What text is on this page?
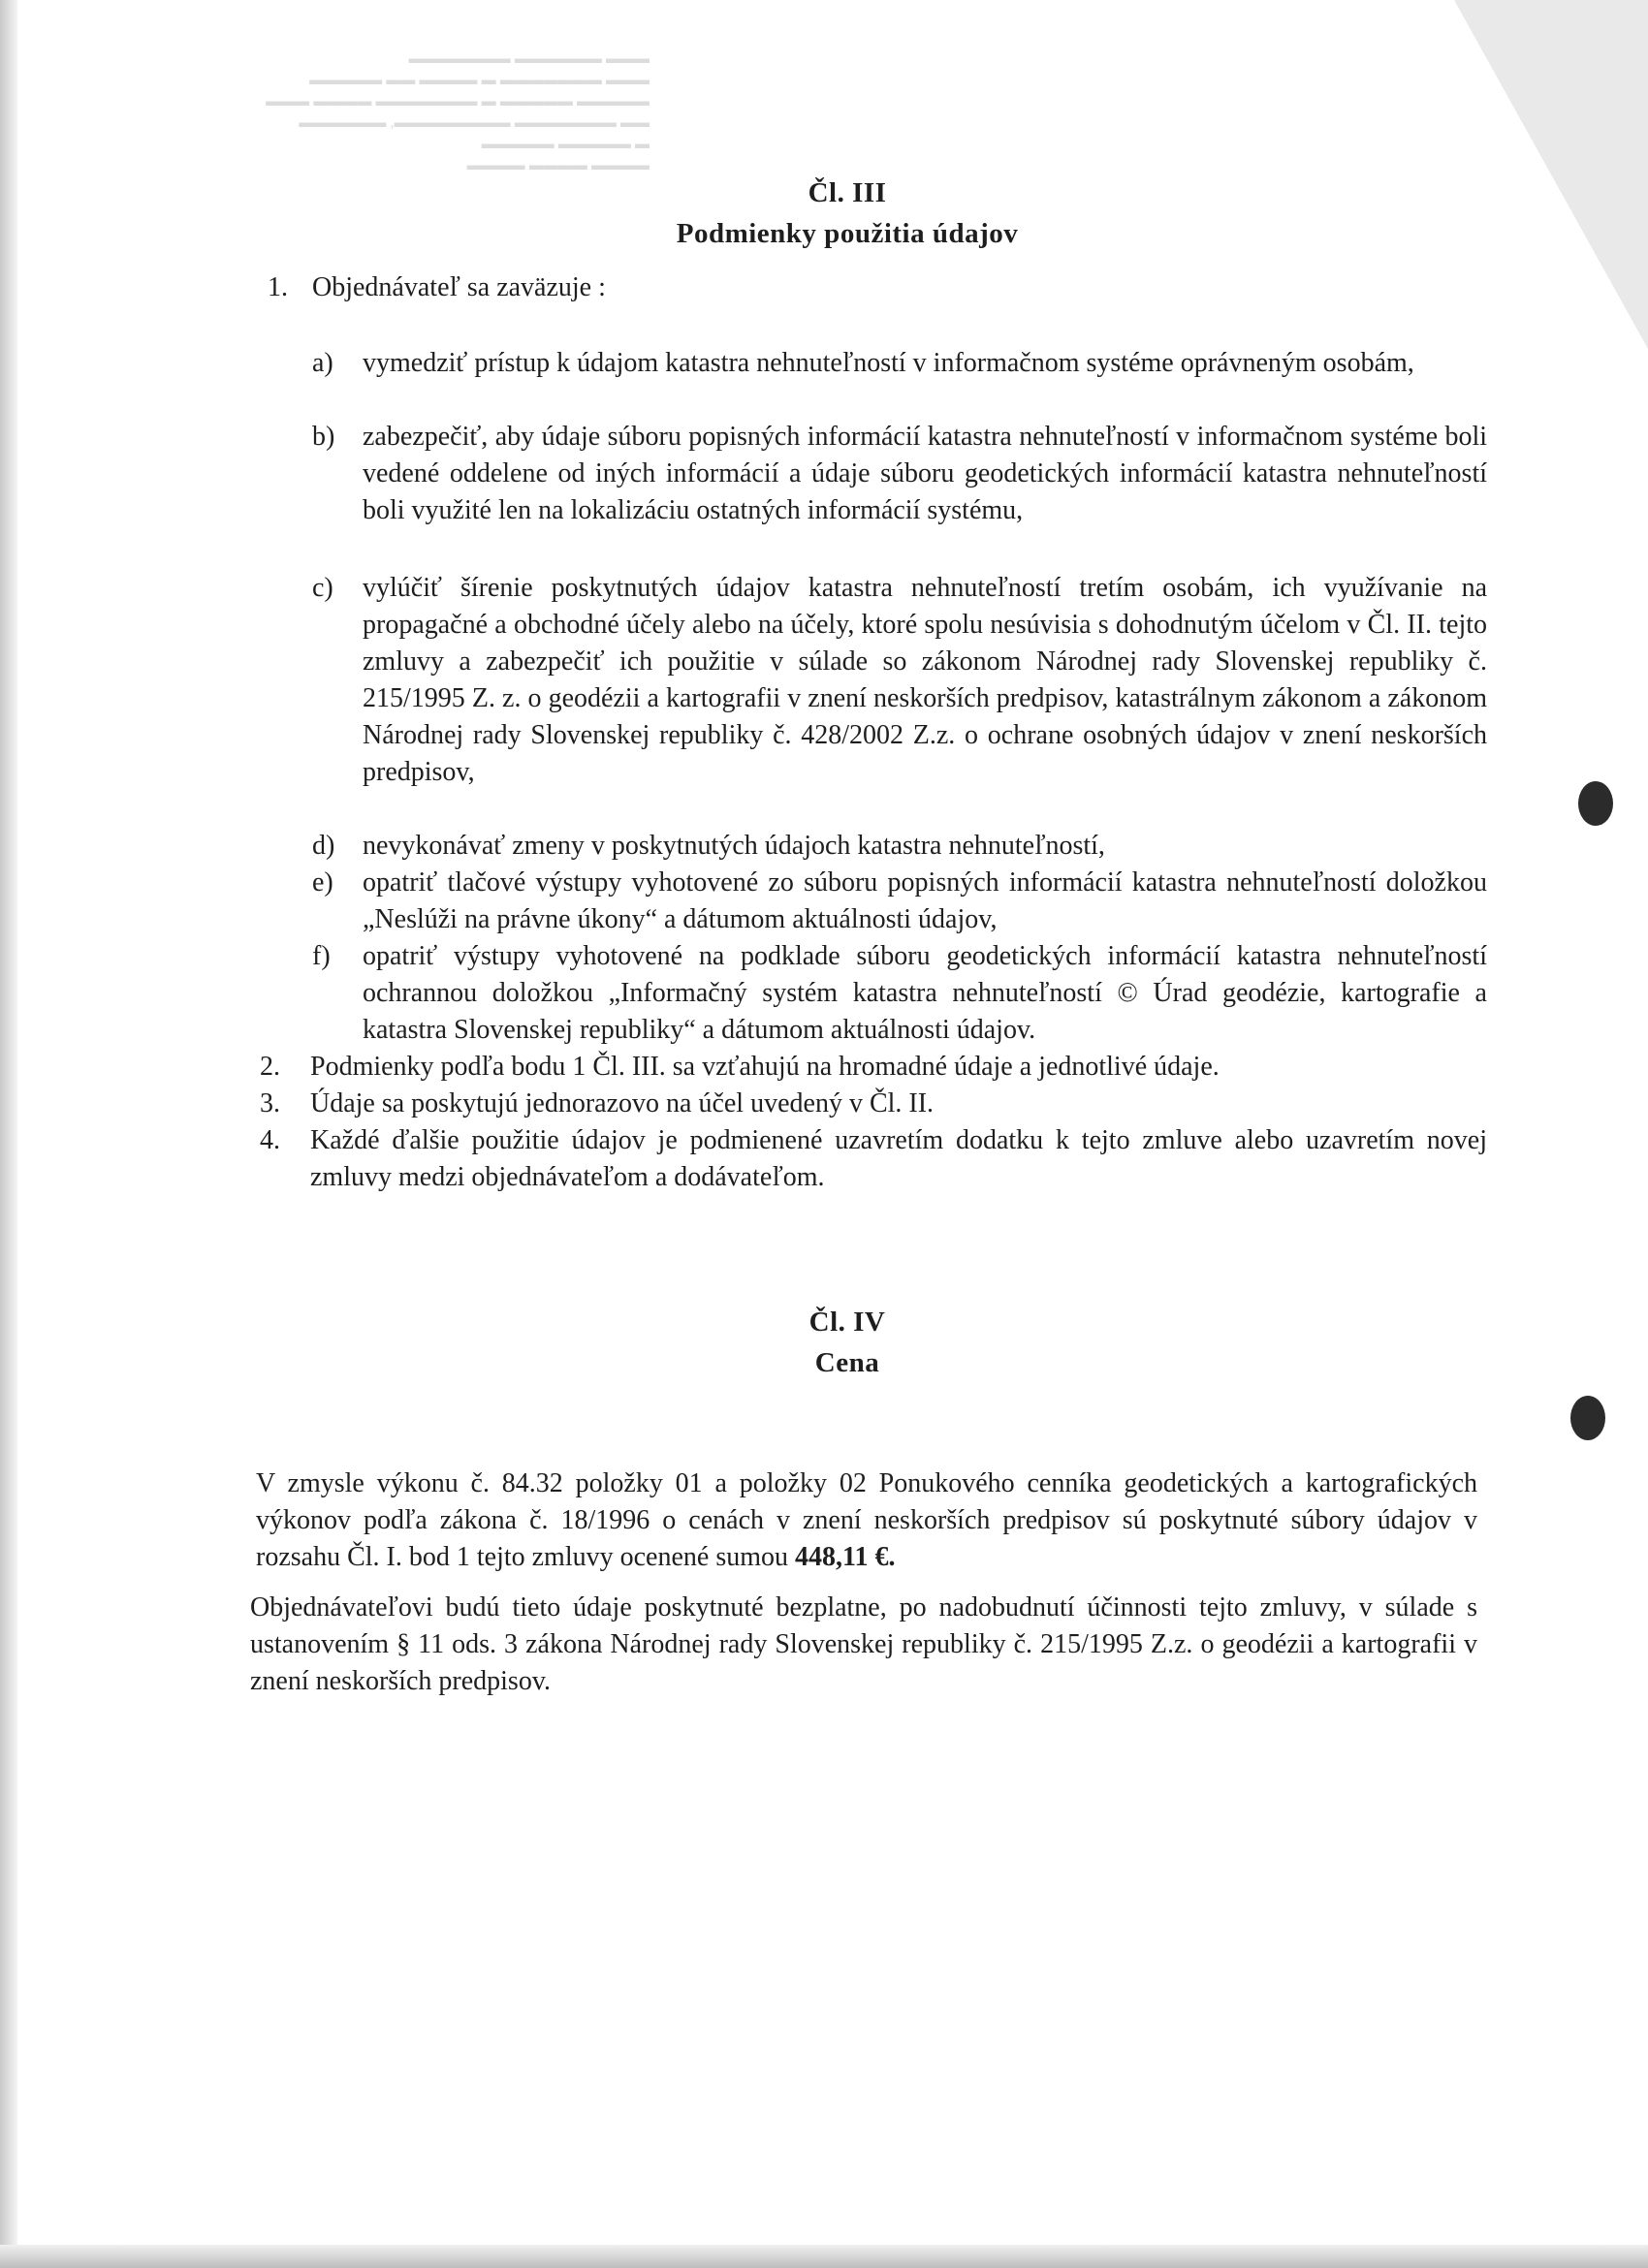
▬▬▬ ▬▬▬▬▬▬ ▬▬▬▬▬▬▬
▬▬▬ ▬▬▬▬▬▬▬ ▬ ▬▬▬▬ ▬▬ ▬▬▬▬▬
▬▬▬▬▬ ▬▬▬▬▬ ▬ ▬▬▬▬▬▬▬ ▬▬▬▬ ▬▬▬
▬▬ ▬▬▬▬▬▬▬ ▬▬▬▬▬▬▬▬, ▬▬▬▬▬▬
▬ ▬▬▬▬▬ ▬▬▬▬▬
▬▬▬▬ ▬▬▬▬ ▬▬▬▬
Čl. III
Podmienky použitia údajov
1. Objednávateľ sa zaväzuje :
a) vymedziť prístup k údajom katastra nehnuteľností v informačnom systéme oprávneným osobám,
b) zabezpečiť, aby údaje súboru popisných informácií katastra nehnuteľností v informačnom systéme boli vedené oddelene od iných informácií a údaje súboru geodetických informácií katastra nehnuteľností boli využité len na lokalizáciu ostatných informácií systému,
c) vylúčiť šírenie poskytnutých údajov katastra nehnuteľností tretím osobám, ich využívanie na propagačné a obchodné účely alebo na účely, ktoré spolu nesúvisia s dohodnutým účelom v Čl. II. tejto zmluvy a zabezpečiť ich použitie v súlade so zákonom Národnej rady Slovenskej republiky č. 215/1995 Z. z. o geodézii a kartografii v znení neskorších predpisov, katastrálnym zákonom a zákonom Národnej rady Slovenskej republiky č. 428/2002 Z.z. o ochrane osobných údajov v znení neskorších predpisov,
d) nevykonávať zmeny v poskytnutých údajoch katastra nehnuteľností,
e) opatriť tlačové výstupy vyhotovené zo súboru popisných informácií katastra nehnuteľností doložkou „Neslúži na právne úkony“ a dátumom aktuálnosti údajov,
f) opatriť výstupy vyhotovené na podklade súboru geodetických informácií katastra nehnuteľností ochrannou doložkou „Informačný systém katastra nehnuteľností © Úrad geodézie, kartografie a katastra Slovenskej republiky“ a dátumom aktuálnosti údajov.
2. Podmienky podľa bodu 1 Čl. III. sa vzťahujú na hromadné údaje a jednotlivé údaje.
3. Údaje sa poskytujú jednorazovo na účel uvedený v Čl. II.
4. Každé ďalšie použitie údajov je podmienené uzavretím dodatku k tejto zmluve alebo uzavretím novej zmluvy medzi objednávateľom a dodávateľom.
Čl. IV
Cena
V zmysle výkonu č. 84.32 položky 01 a položky 02 Ponukového cenníka geodetických a kartografických výkonov podľa zákona č. 18/1996 o cenách v znení neskorších predpisov sú poskytnuté súbory údajov v rozsahu Čl. I. bod 1 tejto zmluvy ocenené sumou 448,11 €.
Objednávateľovi budú tieto údaje poskytnuté bezplatne, po nadobudnutí účinnosti tejto zmluvy, v súlade s ustanovením § 11 ods. 3 zákona Národnej rady Slovenskej republiky č. 215/1995 Z.z. o geodézii a kartografii v znení neskorších predpisov.
